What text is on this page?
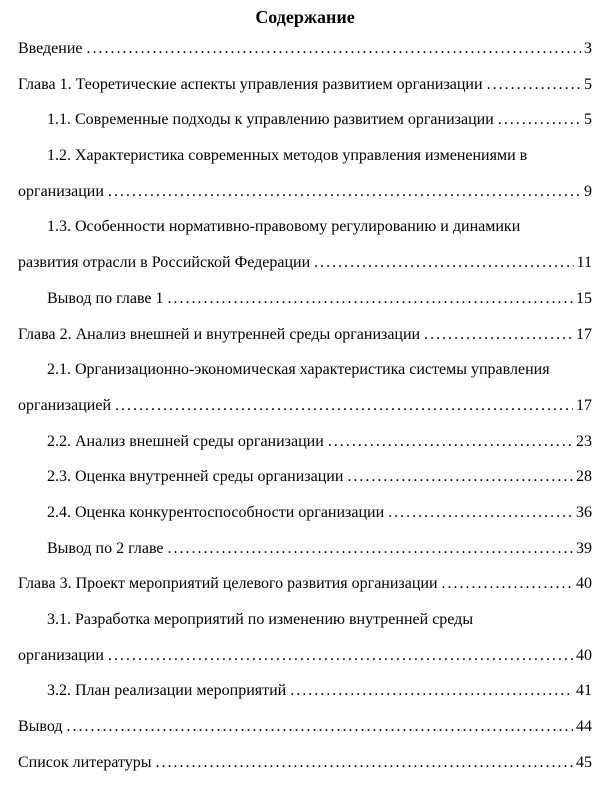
Содержание
Введение .....	3
Глава 1. Теоретические аспекты управления развитием организации .....	5
1.1. Современные подходы к управлению развитием организации .....	5
1.2. Характеристика современных методов управления изменениями в
организации .....	9
1.3. Особенности нормативно-правовому регулированию и динамики
развития отрасли в Российской Федерации .....	11
Вывод по главе 1 .....	15
Глава 2. Анализ внешней и внутренней среды организации .....	17
2.1. Организационно-экономическая характеристика системы управления
организацией .....	17
2.2. Анализ внешней среды организации .....	23
2.3. Оценка внутренней среды организации .....	28
2.4. Оценка конкурентоспособности организации .....	36
Вывод по 2 главе .....	39
Глава 3. Проект мероприятий целевого развития организации .....	40
3.1. Разработка мероприятий по изменению внутренней среды
организации .....	40
3.2. План реализации мероприятий .....	41
Вывод .....	44
Список литературы .....	45
